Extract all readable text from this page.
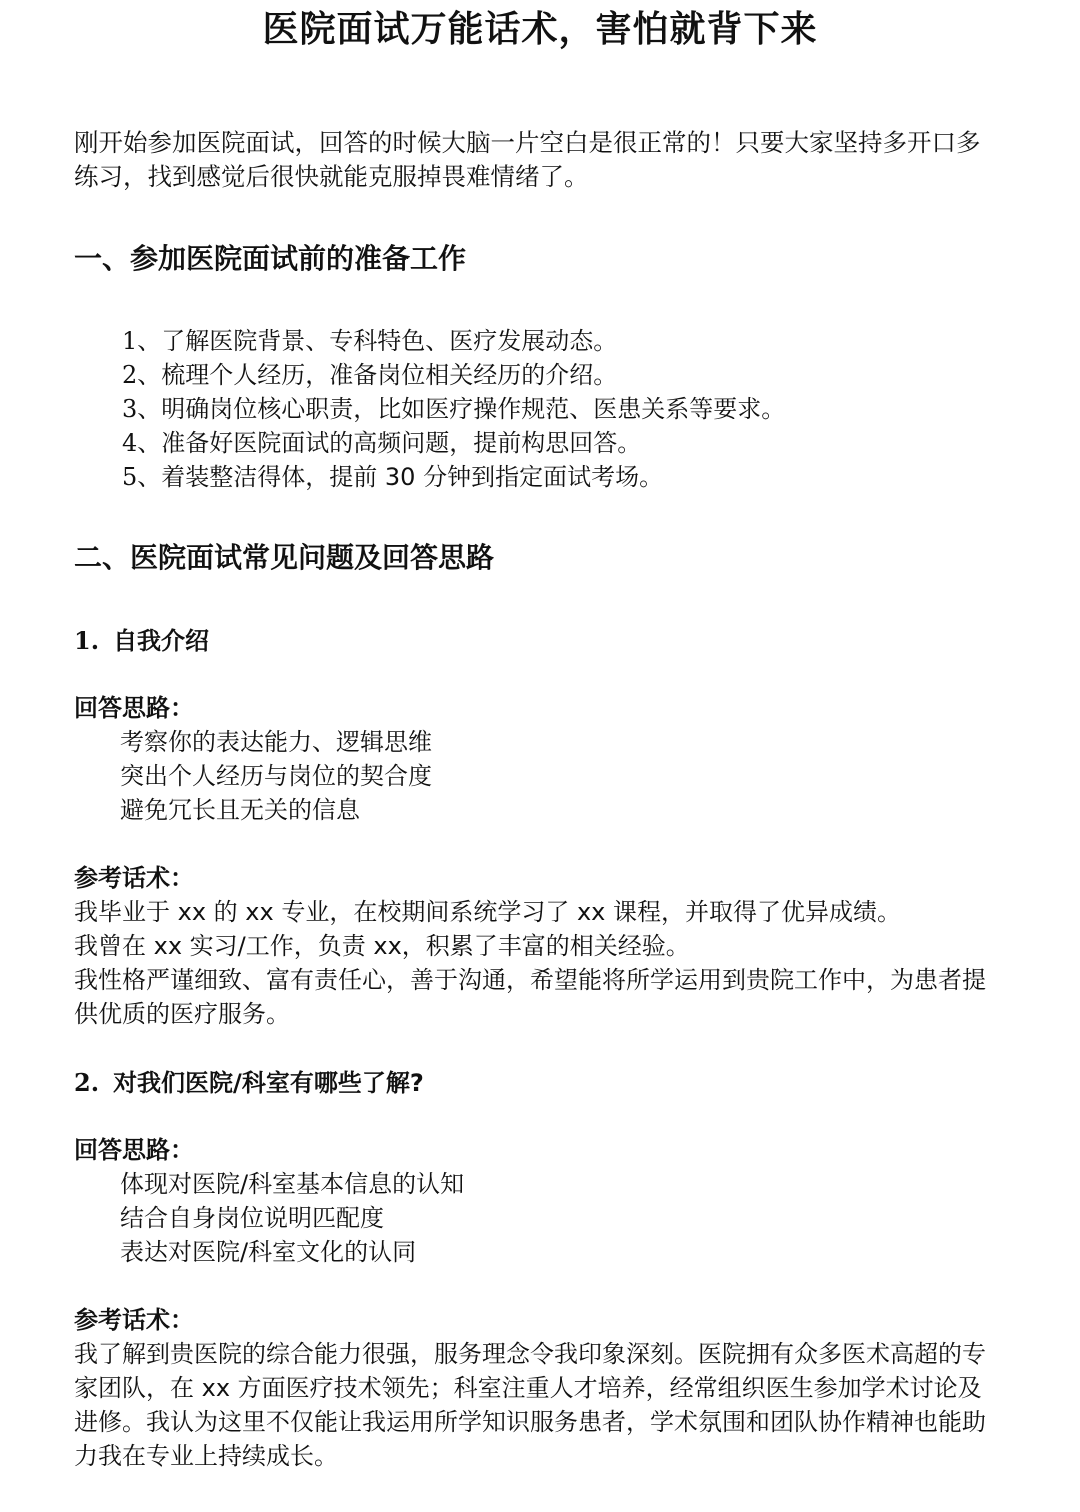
医院面试万能话术，害怕就背下来

刚开始参加医院面试，回答的时候大脑一片空白是很正常的！只要大家坚持多开口多练习，找到感觉后很快就能克服掉畏难情绪了。

一、参加医院面试前的准备工作
1、了解医院背景、专科特色、医疗发展动态。
2、梳理个人经历，准备岗位相关经历的介绍。
3、明确岗位核心职责，比如医疗操作规范、医患关系等要求。
4、准备好医院面试的高频问题，提前构思回答。
5、着装整洁得体，提前 30 分钟到指定面试考场。
二、医院面试常见问题及回答思路
1. 自我介绍
回答思路：
考察你的表达能力、逻辑思维
突出个人经历与岗位的契合度
避免冗长且无关的信息
参考话术：

我毕业于 xx 的 xx 专业，在校期间系统学习了 xx 课程，并取得了优异成绩。

我曾在 xx 实习/工作，负责 xx，积累了丰富的相关经验。

我性格严谨细致、富有责任心，善于沟通，希望能将所学运用到贵院工作中，为患者提供优质的医疗服务。

2. 对我们医院/科室有哪些了解?
回答思路：
体现对医院/科室基本信息的认知
结合自身岗位说明匹配度
表达对医院/科室文化的认同
参考话术：

我了解到贵医院的综合能力很强，服务理念令我印象深刻。医院拥有众多医术高超的专家团队，在 xx 方面医疗技术领先；科室注重人才培养，经常组织医生参加学术讨论及进修。我认为这里不仅能让我运用所学知识服务患者，学术氛围和团队协作精神也能助力我在专业上持续成长。
